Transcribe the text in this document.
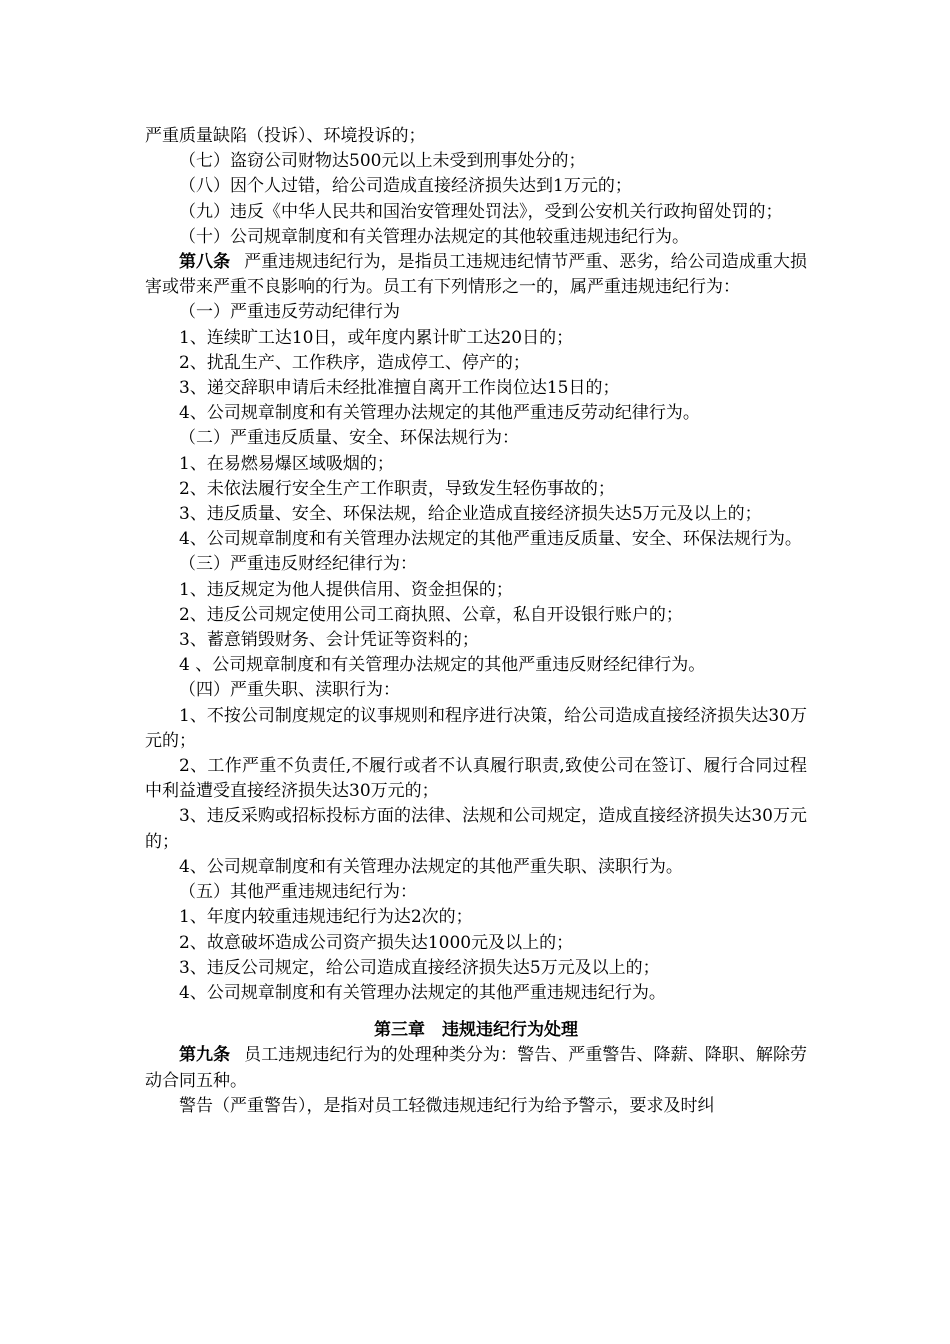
严重质量缺陷（投诉）、环境投诉的；

（七）盗窃公司财物达500元以上未受到刑事处分的；

（八）因个人过错，给公司造成直接经济损失达到1万元的；

（九）违反《中华人民共和国治安管理处罚法》，受到公安机关行政拘留处罚的；

（十）公司规章制度和有关管理办法规定的其他较重违规违纪行为。

第八条 严重违规违纪行为，是指员工违规违纪情节严重、恶劣，给公司造成重大损害或带来严重不良影响的行为。员工有下列情形之一的，属严重违规违纪行为：

（一）严重违反劳动纪律行为

1、连续旷工达10日，或年度内累计旷工达20日的；

2、扰乱生产、工作秩序，造成停工、停产的；

3、递交辞职申请后未经批准擅自离开工作岗位达15日的；

4、公司规章制度和有关管理办法规定的其他严重违反劳动纪律行为。

（二）严重违反质量、安全、环保法规行为：

1、在易燃易爆区域吸烟的；

2、未依法履行安全生产工作职责，导致发生轻伤事故的；

3、违反质量、安全、环保法规，给企业造成直接经济损失达5万元及以上的；

4、公司规章制度和有关管理办法规定的其他严重违反质量、安全、环保法规行为。

（三）严重违反财经纪律行为：

1、违反规定为他人提供信用、资金担保的；

2、违反公司规定使用公司工商执照、公章，私自开设银行账户的；

3、蓄意销毁财务、会计凭证等资料的；

4 、公司规章制度和有关管理办法规定的其他严重违反财经纪律行为。

（四）严重失职、渎职行为：

1、不按公司制度规定的议事规则和程序进行决策，给公司造成直接经济损失达30万元的；

2、工作严重不负责任,不履行或者不认真履行职责,致使公司在签订、履行合同过程中利益遭受直接经济损失达30万元的；

3、违反采购或招标投标方面的法律、法规和公司规定，造成直接经济损失达30万元的；

4、公司规章制度和有关管理办法规定的其他严重失职、渎职行为。

（五）其他严重违规违纪行为：

1、年度内较重违规违纪行为达2次的；

2、故意破坏造成公司资产损失达1000元及以上的；

3、违反公司规定，给公司造成直接经济损失达5万元及以上的；

4、公司规章制度和有关管理办法规定的其他严重违规违纪行为。

第三章　违规违纪行为处理

第九条 员工违规违纪行为的处理种类分为：警告、严重警告、降薪、降职、解除劳动合同五种。

警告（严重警告），是指对员工轻微违规违纪行为给予警示，要求及时纠
